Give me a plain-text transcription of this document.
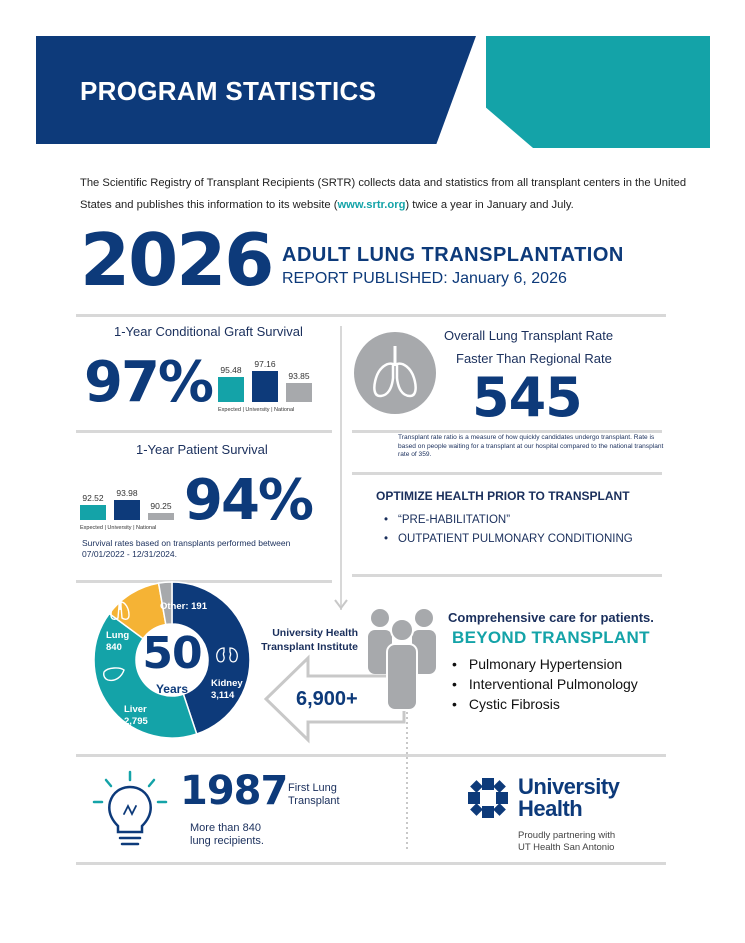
PROGRAM STATISTICS
The Scientific Registry of Transplant Recipients (SRTR) collects data and statistics from all transplant centers in the United States and publishes this information to its website (www.srtr.org) twice a year in January and July.
2026 ADULT LUNG TRANSPLANTATION
REPORT PUBLISHED: January 6, 2026
1-Year Conditional Graft Survival
97% 95.48
97.16
93.85
Expected | University | National
1-Year Patient Survival
92.52 93.98
90.25
Expected | University | National 94%
Survival rates based on transplants performed between 07/01/2022 - 12/31/2024.
Overall Lung Transplant Rate
Faster Than Regional Rate
545
Transplant rate ratio is a measure of how quickly candidates undergo transplant. Rate is based on people waiting for a transplant at our hospital compared to the national transplant rate of 359.
OPTIMIZE HEALTH PRIOR TO TRANSPLANT
• “PRE-HABILITATION”
• OUTPATIENT PULMONARY CONDITIONING
50
Years
Other: 191
Lung
840
Liver
2,795
Kidney
3,114
University Health
Transplant Institute
6,900+
Comprehensive care for patients.
BEYOND TRANSPLANT
• Pulmonary Hypertension
• Interventional Pulmonology
• Cystic Fibrosis
1987 First Lung
Transplant
More than 840
lung recipients.
University
Health
Proudly partnering with
UT Health San Antonio
